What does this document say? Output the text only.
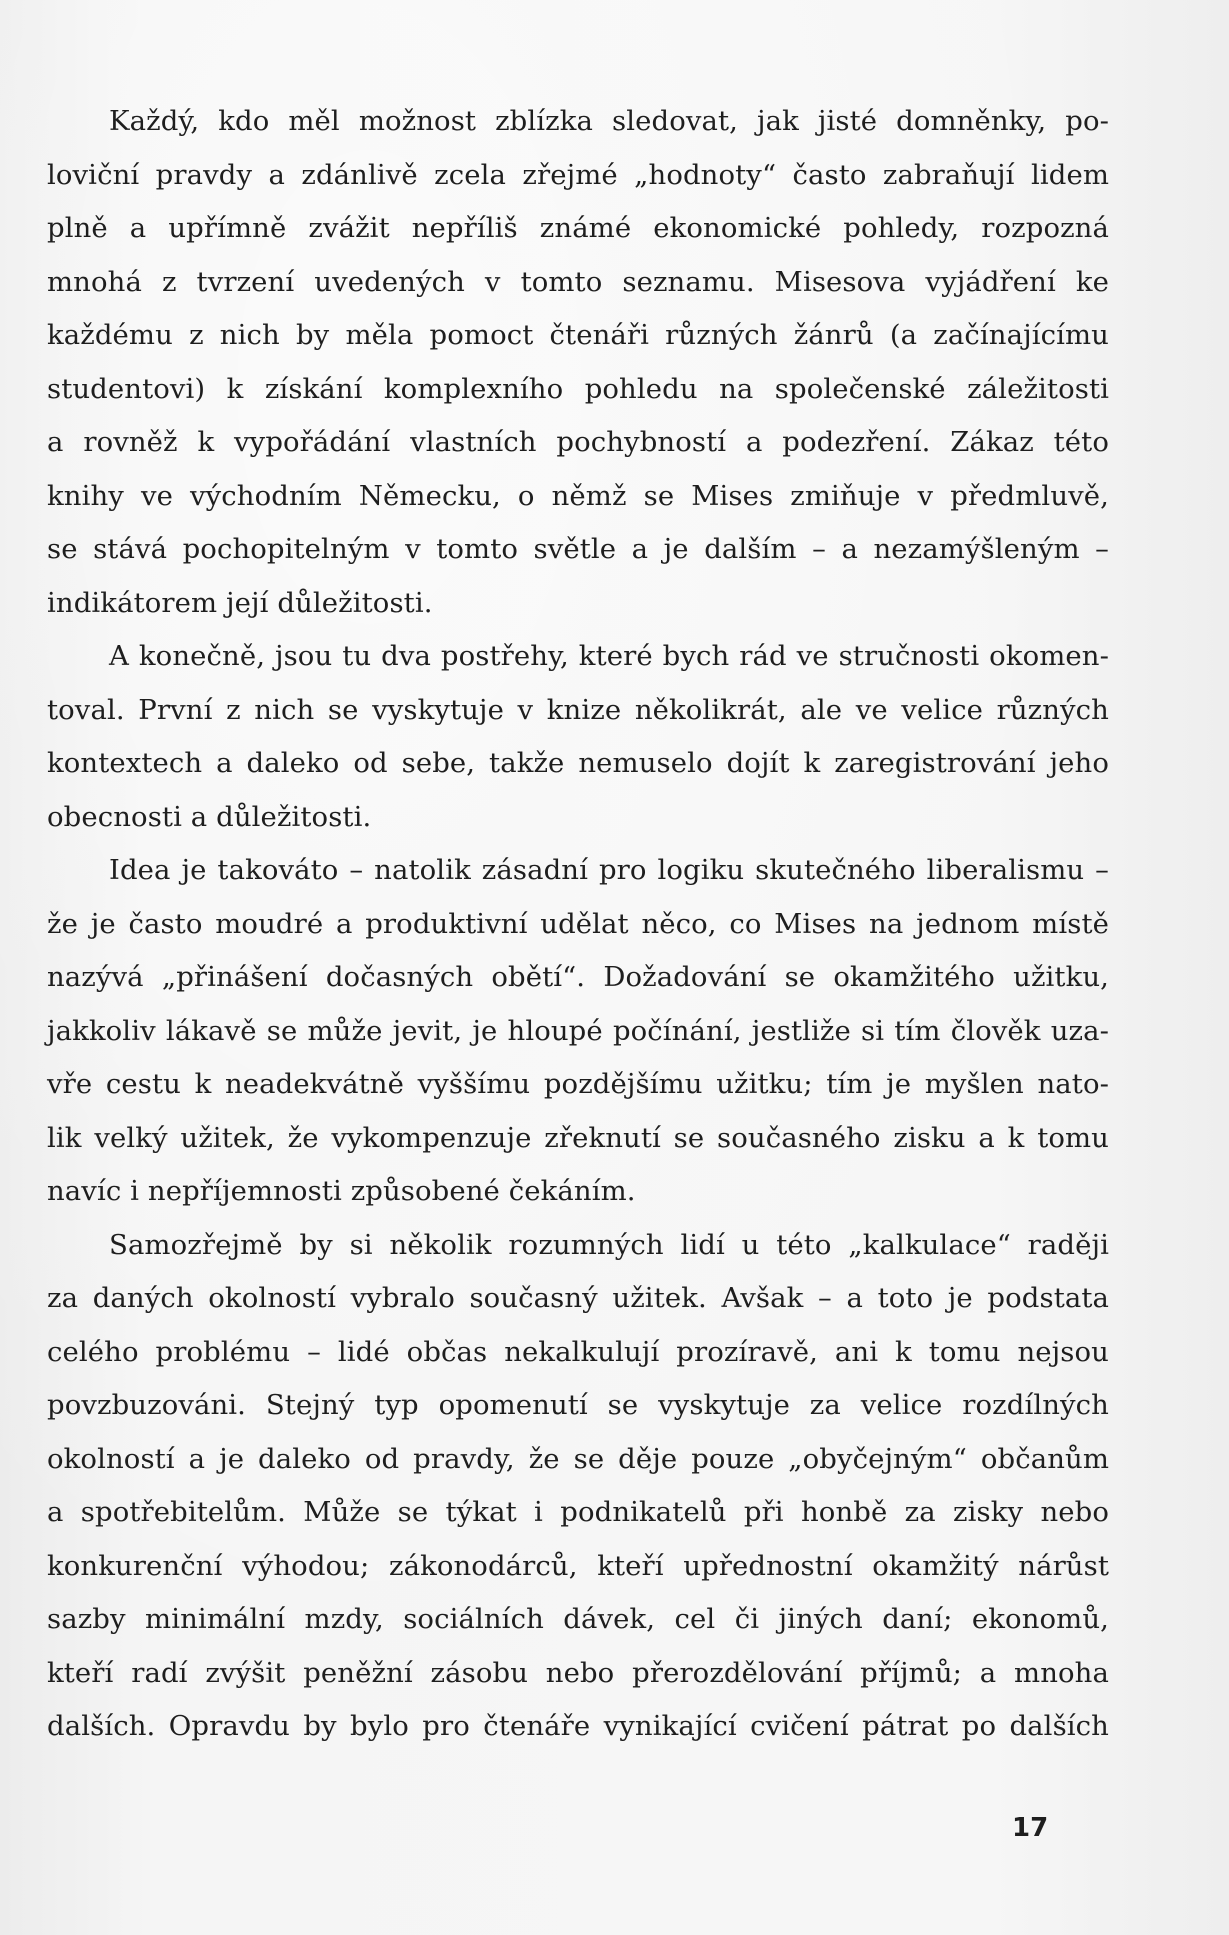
Každý, kdo měl možnost zblízka sledovat, jak jisté domněnky, po-
loviční pravdy a zdánlivě zcela zřejmé „hodnoty“ často zabraňují lidem
plně a upřímně zvážit nepříliš známé ekonomické pohledy, rozpozná
mnohá z tvrzení uvedených v tomto seznamu. Misesova vyjádření ke
každému z nich by měla pomoct čtenáři různých žánrů (a začínajícímu
studentovi) k získání komplexního pohledu na společenské záležitosti
a rovněž k vypořádání vlastních pochybností a podezření. Zákaz této
knihy ve východním Německu, o němž se Mises zmiňuje v předmluvě,
se stává pochopitelným v tomto světle a je dalším – a nezamýšleným –
indikátorem její důležitosti.
A konečně, jsou tu dva postřehy, které bych rád ve stručnosti okomen-
toval. První z nich se vyskytuje v knize několikrát, ale ve velice různých
kontextech a daleko od sebe, takže nemuselo dojít k zaregistrování jeho
obecnosti a důležitosti.
Idea je takováto – natolik zásadní pro logiku skutečného liberalismu –
že je často moudré a produktivní udělat něco, co Mises na jednom místě
nazývá „přinášení dočasných obětí“. Dožadování se okamžitého užitku,
jakkoliv lákavě se může jevit, je hloupé počínání, jestliže si tím člověk uza-
vře cestu k neadekvátně vyššímu pozdějšímu užitku; tím je myšlen nato-
lik velký užitek, že vykompenzuje zřeknutí se současného zisku a k tomu
navíc i nepříjemnosti způsobené čekáním.
Samozřejmě by si několik rozumných lidí u této „kalkulace“ raději
za daných okolností vybralo současný užitek. Avšak – a toto je podstata
celého problému – lidé občas nekalkulují prozíravě, ani k tomu nejsou
povzbuzováni. Stejný typ opomenutí se vyskytuje za velice rozdílných
okolností a je daleko od pravdy, že se děje pouze „obyčejným“ občanům
a spotřebitelům. Může se týkat i podnikatelů při honbě za zisky nebo
konkurenční výhodou; zákonodárců, kteří upřednostní okamžitý nárůst
sazby minimální mzdy, sociálních dávek, cel či jiných daní; ekonomů,
kteří radí zvýšit peněžní zásobu nebo přerozdělování příjmů; a mnoha
dalších. Opravdu by bylo pro čtenáře vynikající cvičení pátrat po dalších
17
